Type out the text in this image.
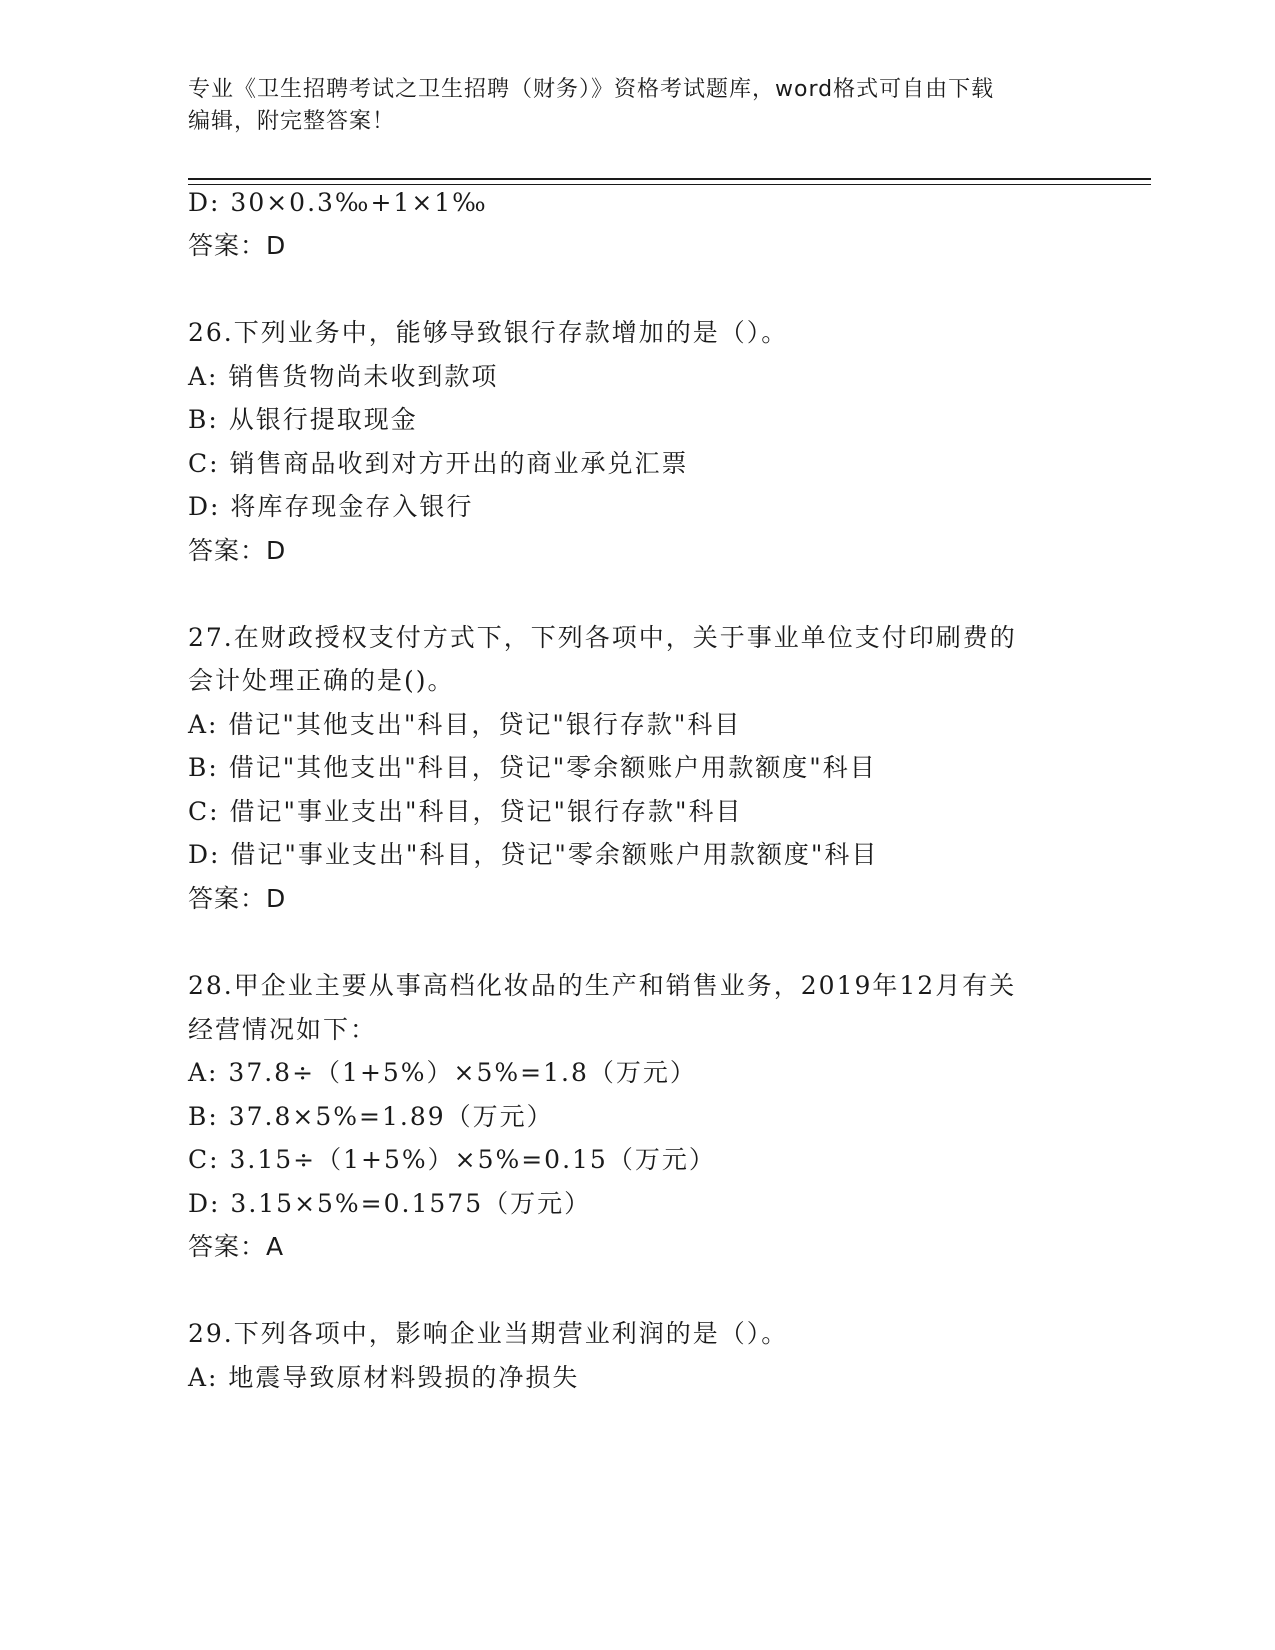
专业《卫生招聘考试之卫生招聘（财务）》资格考试题库，word格式可自由下载
编辑，附完整答案！
D: 30×0.3‰+1×1‰
答案：D
26.下列业务中，能够导致银行存款增加的是（）。
A: 销售货物尚未收到款项
B: 从银行提取现金
C: 销售商品收到对方开出的商业承兑汇票
D: 将库存现金存入银行
答案：D
27.在财政授权支付方式下，下列各项中，关于事业单位支付印刷费的
会计处理正确的是()。
A: 借记"其他支出"科目，贷记"银行存款"科目
B: 借记"其他支出"科目，贷记"零余额账户用款额度"科目
C: 借记"事业支出"科目，贷记"银行存款"科目
D: 借记"事业支出"科目，贷记"零余额账户用款额度"科目
答案：D
28.甲企业主要从事高档化妆品的生产和销售业务，2019年12月有关
经营情况如下：
A: 37.8÷（1+5%）×5%=1.8（万元）
B: 37.8×5%=1.89（万元）
C: 3.15÷（1+5%）×5%=0.15（万元）
D: 3.15×5%=0.1575（万元）
答案：A
29.下列各项中，影响企业当期营业利润的是（）。
A: 地震导致原材料毁损的净损失
